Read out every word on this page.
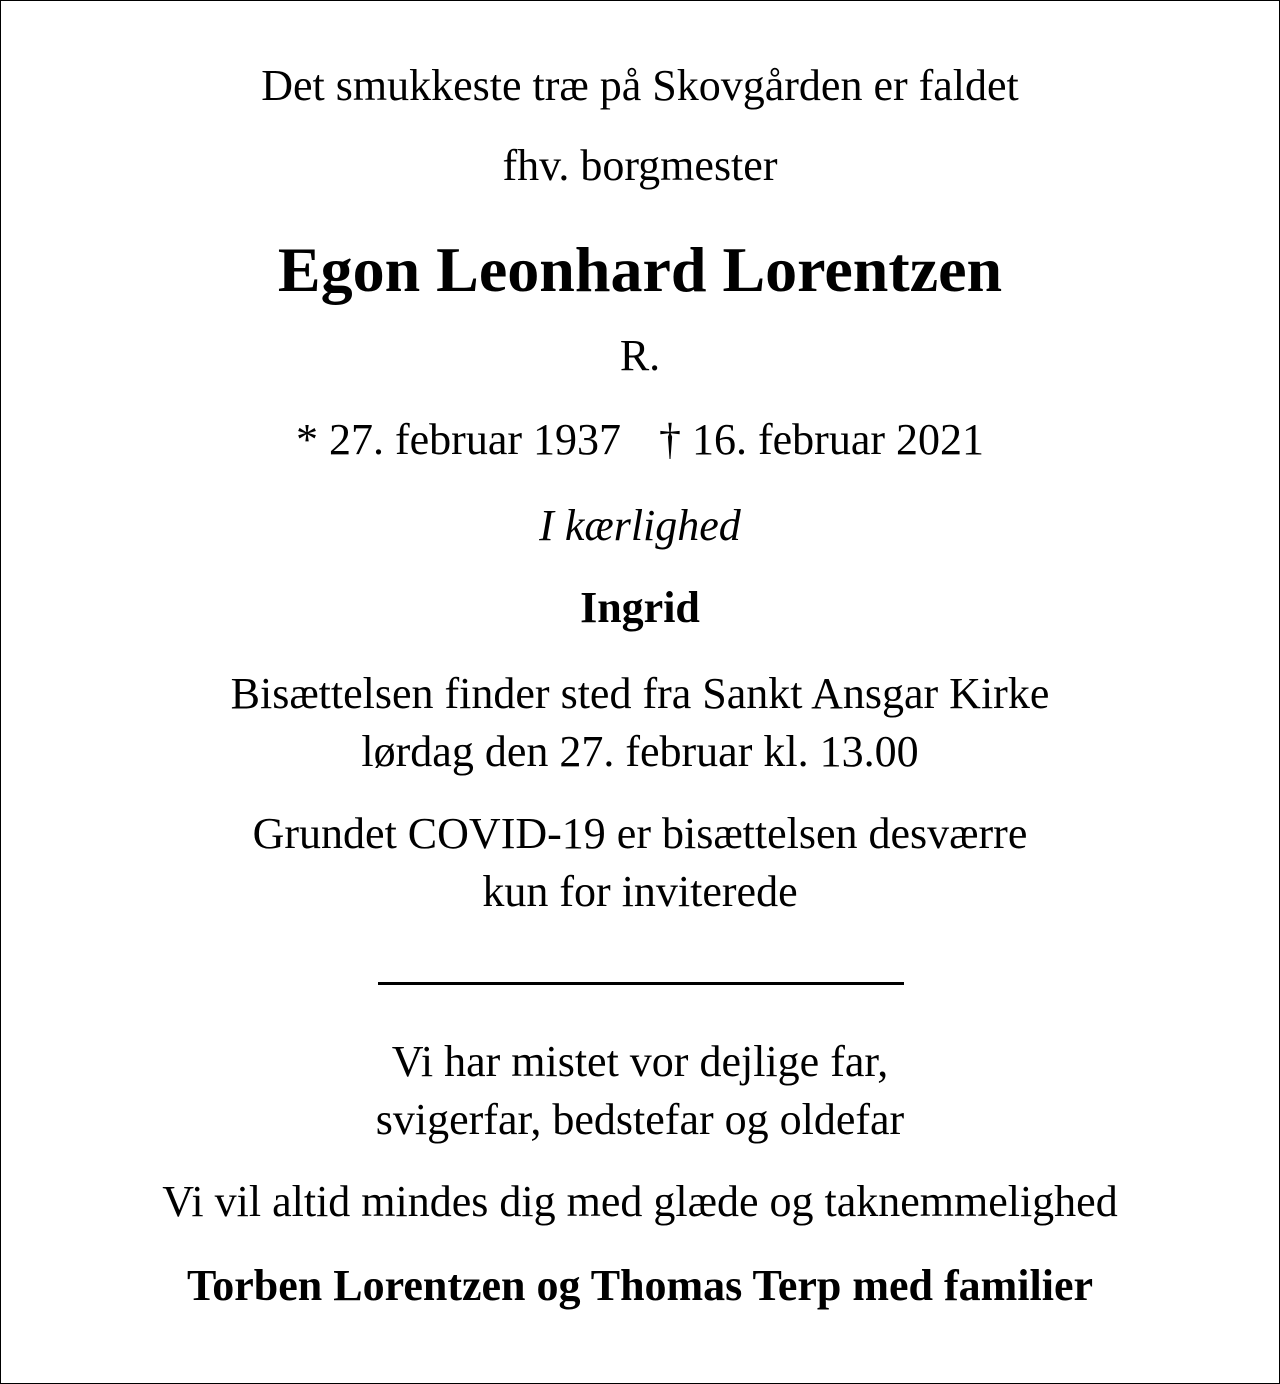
Det smukkeste træ på Skovgården er faldet
fhv. borgmester
Egon Leonhard Lorentzen
R.
* 27. februar 1937 † 16. februar 2021
I kærlighed
Ingrid
Bisættelsen finder sted fra Sankt Ansgar Kirke
lørdag den 27. februar kl. 13.00
Grundet COVID-19 er bisættelsen desværre
kun for inviterede
Vi har mistet vor dejlige far,
svigerfar, bedstefar og oldefar
Vi vil altid mindes dig med glæde og taknemmelighed
Torben Lorentzen og Thomas Terp med familier
